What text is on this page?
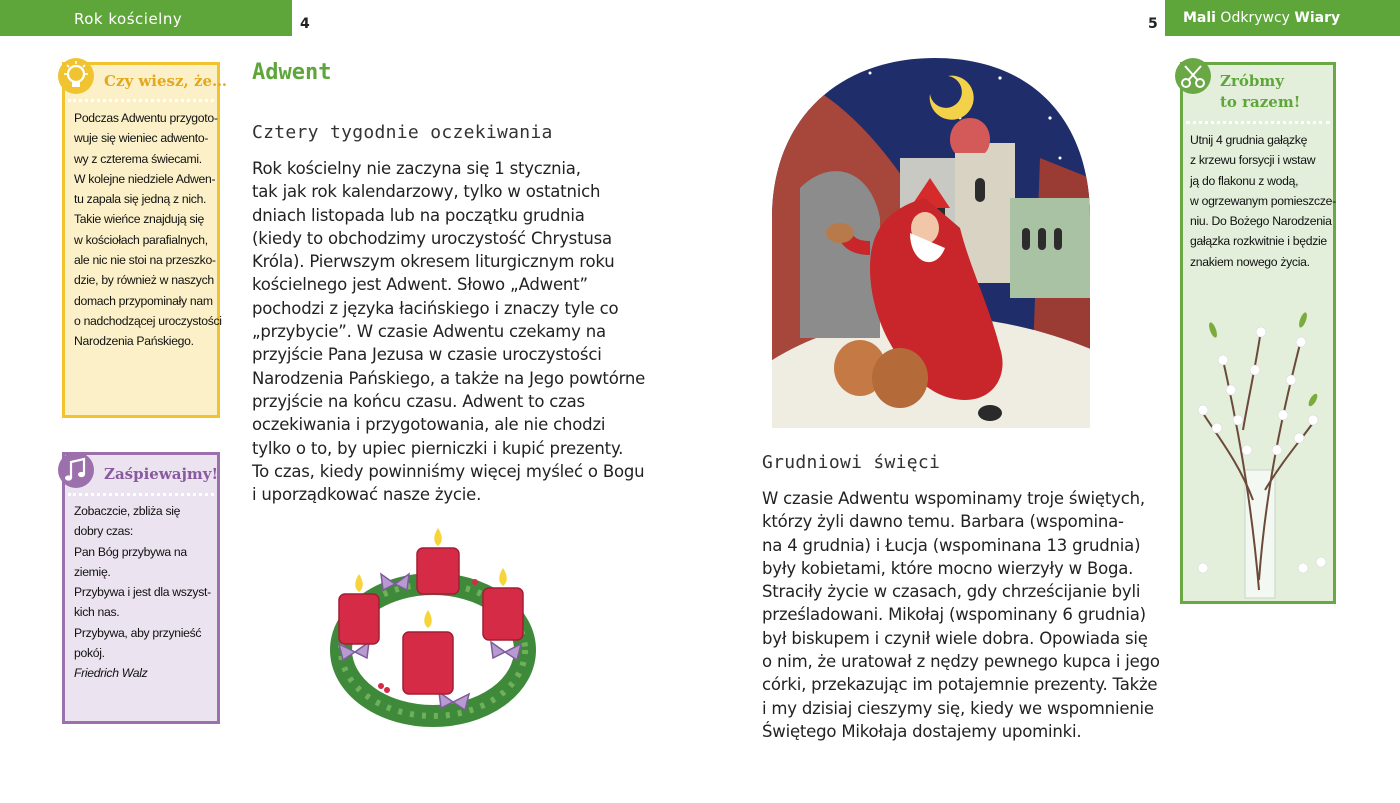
Rok kościelny	4	5 Mali Odkrywcy Wiary
Czy wiesz, że…
Podczas Adwentu przygoto-
wuje się wieniec adwento-
wy z czterema świecami.
W kolejne niedziele Adwen-
tu zapala się jedną z nich.
Takie wieńce znajdują się
w kościołach parafialnych,
ale nic nie stoi na przeszko-
dzie, by również w naszych
domach przypominały nam
o nadchodzącej uroczystości
Narodzenia Pańskiego.
Zaśpiewajmy!
Zobaczcie, zbliża się
dobry czas:
Pan Bóg przybywa na
ziemię.
Przybywa i jest dla wszyst-
kich nas.
Przybywa, aby przynieść
pokój.
Friedrich Walz
Zróbmy
to razem!
Utnij 4 grudnia gałązkę
z krzewu forsycji i wstaw
ją do flakonu z wodą,
w ogrzewanym pomieszcze-
niu. Do Bożego Narodzenia
gałązka rozkwitnie i będzie
znakiem nowego życia.
Adwent
Cztery tygodnie oczekiwania
Rok kościelny nie zaczyna się 1 stycznia,
tak jak rok kalendarzowy, tylko w ostatnich
dniach listopada lub na początku grudnia
(kiedy to obchodzimy uroczystość Chrystusa
Króla). Pierwszym okresem liturgicznym roku
kościelnego jest Adwent. Słowo „Adwent”
pochodzi z języka łacińskiego i znaczy tyle co
„przybycie”. W czasie Adwentu czekamy na
przyjście Pana Jezusa w czasie uroczystości
Narodzenia Pańskiego, a także na Jego powtórne
przyjście na końcu czasu. Adwent to czas
oczekiwania i przygotowania, ale nie chodzi
tylko o to, by upiec pierniczki i kupić prezenty.
To czas, kiedy powinniśmy więcej myśleć o Bogu
i uporządkować nasze życie.
Grudniowi święci
W czasie Adwentu wspominamy troje świętych,
którzy żyli dawno temu. Barbara (wspomina-
na 4 grudnia) i Łucja (wspominana 13 grudnia)
były kobietami, które mocno wierzyły w Boga.
Straciły życie w czasach, gdy chrześcijanie byli
prześladowani. Mikołaj (wspominany 6 grudnia)
był biskupem i czynił wiele dobra. Opowiada się
o nim, że uratował z nędzy pewnego kupca i jego
córki, przekazując im potajemnie prezenty. Także
i my dzisiaj cieszymy się, kiedy we wspomnienie
Świętego Mikołaja dostajemy upominki.
